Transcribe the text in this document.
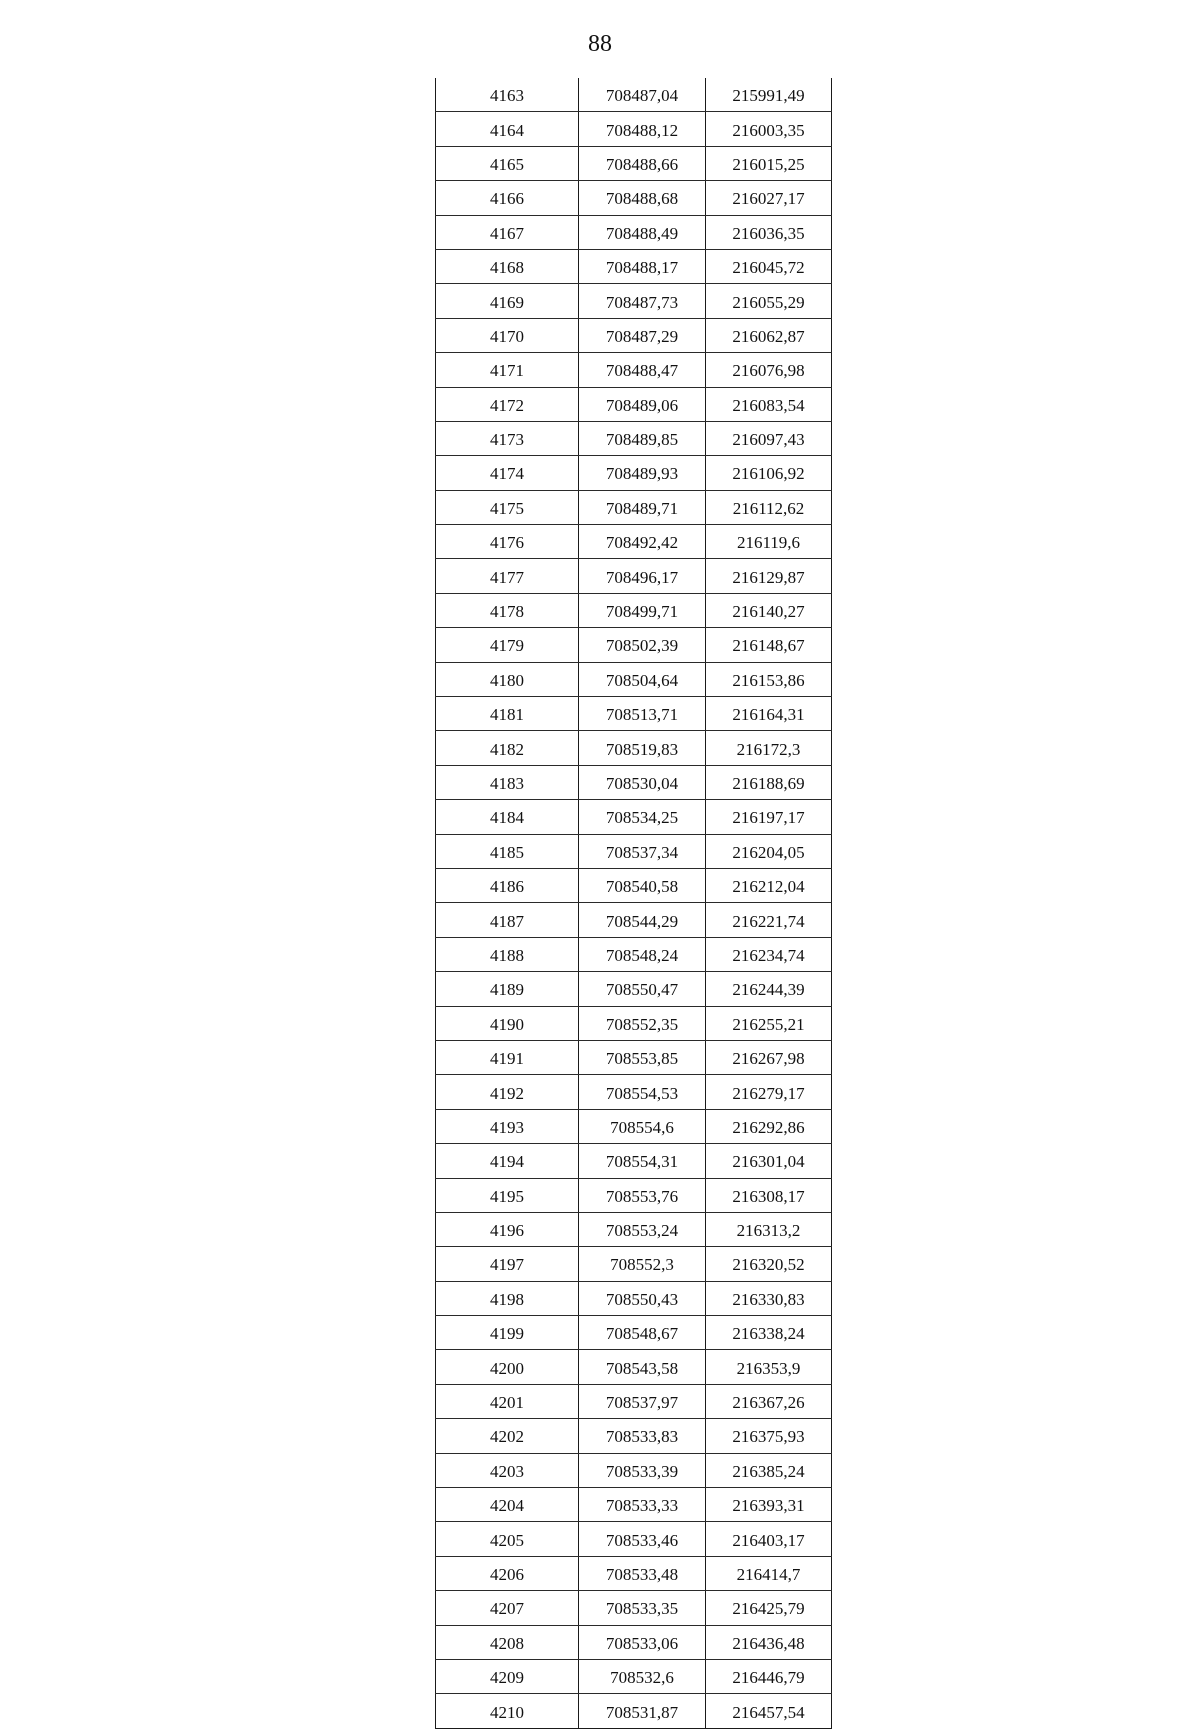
88
4163	708487,04	215991,49
4164	708488,12	216003,35
4165	708488,66	216015,25
4166	708488,68	216027,17
4167	708488,49	216036,35
4168	708488,17	216045,72
4169	708487,73	216055,29
4170	708487,29	216062,87
4171	708488,47	216076,98
4172	708489,06	216083,54
4173	708489,85	216097,43
4174	708489,93	216106,92
4175	708489,71	216112,62
4176	708492,42	216119,6
4177	708496,17	216129,87
4178	708499,71	216140,27
4179	708502,39	216148,67
4180	708504,64	216153,86
4181	708513,71	216164,31
4182	708519,83	216172,3
4183	708530,04	216188,69
4184	708534,25	216197,17
4185	708537,34	216204,05
4186	708540,58	216212,04
4187	708544,29	216221,74
4188	708548,24	216234,74
4189	708550,47	216244,39
4190	708552,35	216255,21
4191	708553,85	216267,98
4192	708554,53	216279,17
4193	708554,6	216292,86
4194	708554,31	216301,04
4195	708553,76	216308,17
4196	708553,24	216313,2
4197	708552,3	216320,52
4198	708550,43	216330,83
4199	708548,67	216338,24
4200	708543,58	216353,9
4201	708537,97	216367,26
4202	708533,83	216375,93
4203	708533,39	216385,24
4204	708533,33	216393,31
4205	708533,46	216403,17
4206	708533,48	216414,7
4207	708533,35	216425,79
4208	708533,06	216436,48
4209	708532,6	216446,79
4210	708531,87	216457,54
